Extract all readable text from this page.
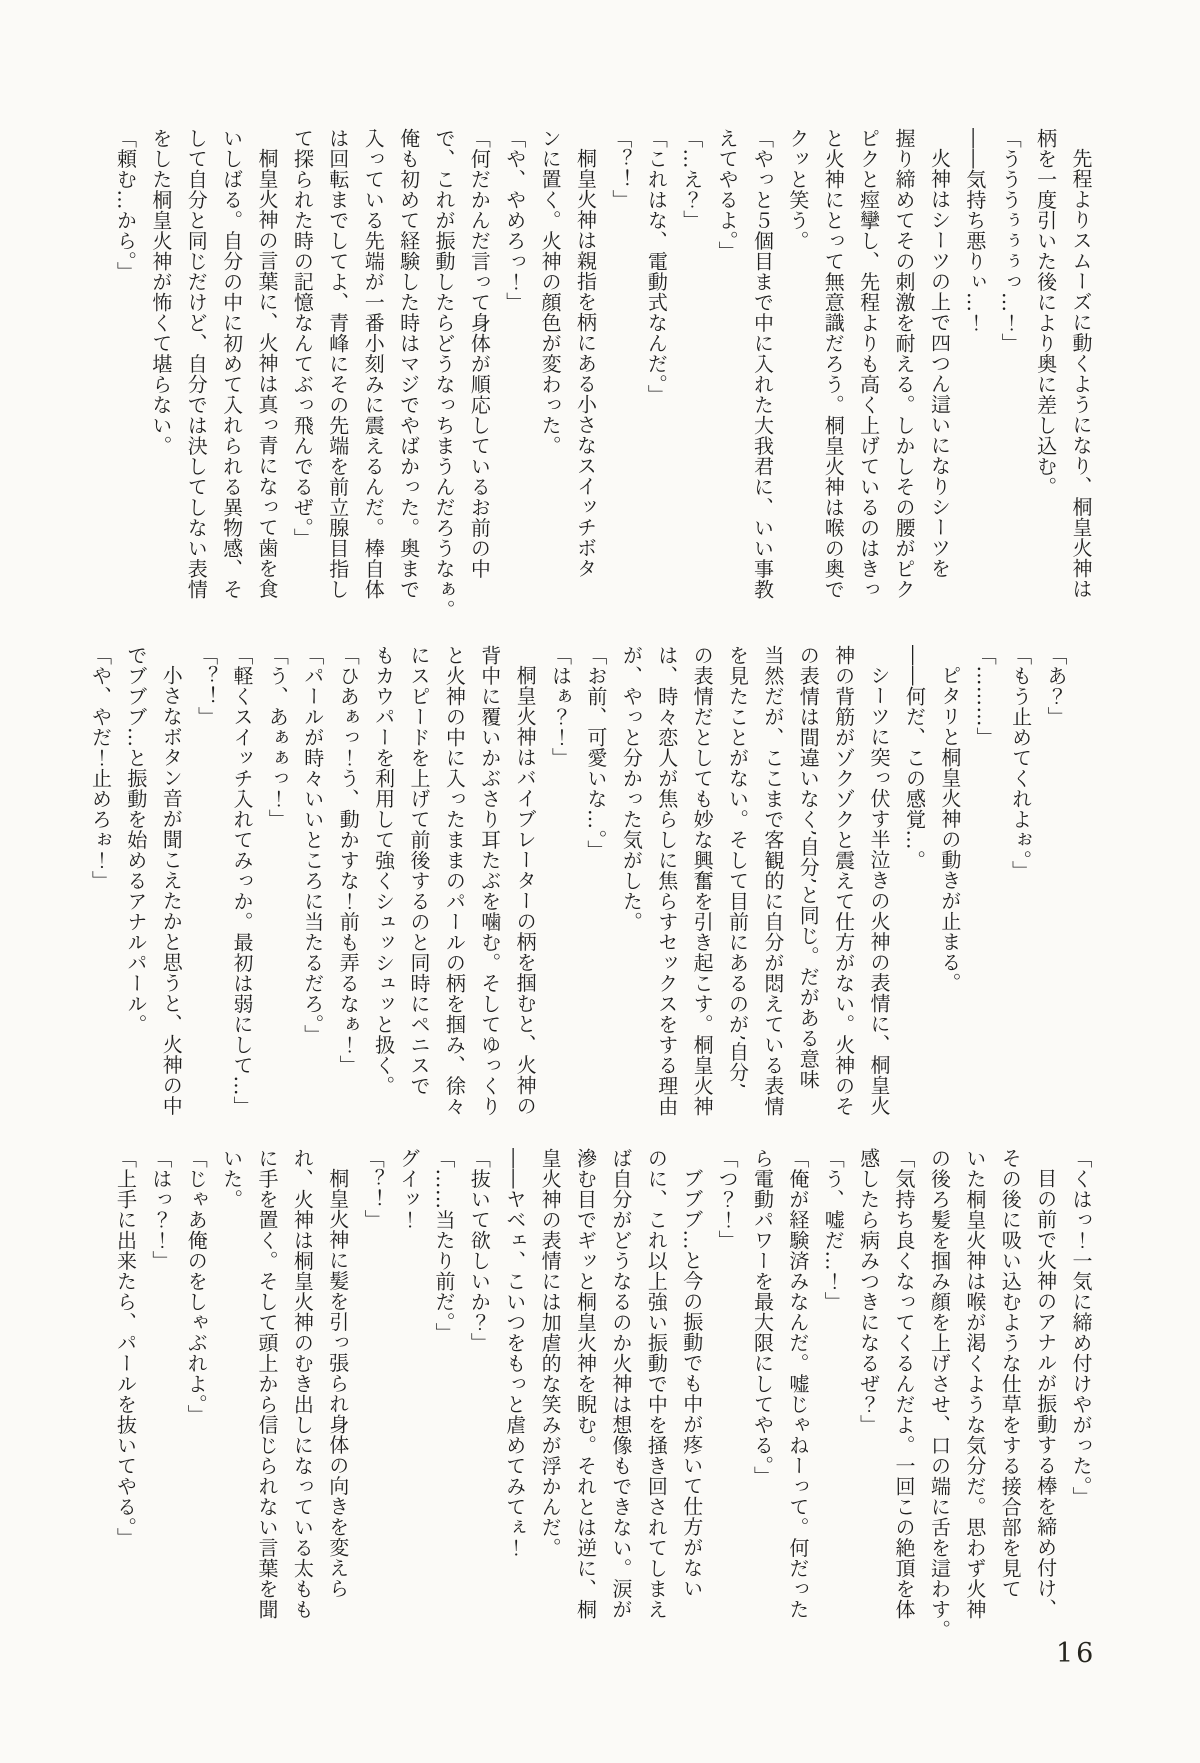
先程よりスムーズに動くようになり、桐皇火神は
柄を一度引いた後により奥に差し込む。
「うううぅぅぅっ…！」
――気持ち悪りぃ…！
火神はシーツの上で四つん這いになりシーツを
握り締めてその刺激を耐える。しかしその腰がピク
ピクと痙攣し、先程よりも高く上げているのはきっ
と火神にとって無意識だろう。桐皇火神は喉の奥で
クッと笑う。
「やっと５個目まで中に入れた大我君に、いい事教
えてやるよ。」
「…え？」
「これはな、電動式なんだ。」
「？！」
桐皇火神は親指を柄にある小さなスイッチボタ
ンに置く。火神の顔色が変わった。
「や、やめろっ！」
「何だかんだ言って身体が順応しているお前の中
で、これが振動したらどうなっちまうんだろうなぁ。
俺も初めて経験した時はマジでやばかった。奥まで
入っている先端が一番小刻みに震えるんだ。棒自体
は回転までしてよ、青峰にその先端を前立腺目指し
て探られた時の記憶なんてぶっ飛んでるぜ。」
桐皇火神の言葉に、火神は真っ青になって歯を食
いしばる。自分の中に初めて入れられる異物感、そ
して自分と同じだけど、自分では決してしない表情
をした桐皇火神が怖くて堪らない。
「頼む…から。」
「あ？」
「もう止めてくれよぉ。」
「………」
ピタリと桐皇火神の動きが止まる。
――何だ、この感覚…。
シーツに突っ伏す半泣きの火神の表情に、桐皇火
神の背筋がゾクゾクと震えて仕方がない。火神のそ
の表情は間違いなく’自分’と同じ。だがある意味
当然だが、ここまで客観的に自分が悶えている表情
を見たことがない。そして目前にあるのが’自分’
の表情だとしても妙な興奮を引き起こす。桐皇火神
は、時々恋人が焦らしに焦らすセックスをする理由
が、やっと分かった気がした。
「お前、可愛いな…。」
「はぁ？！」
桐皇火神はバイブレーターの柄を掴むと、火神の
背中に覆いかぶさり耳たぶを噛む。そしてゆっくり
と火神の中に入ったままのパールの柄を掴み、徐々
にスピードを上げて前後するのと同時にペニスで
もカウパーを利用して強くシュッシュッと扱く。
「ひあぁっ！う、動かすな！前も弄るなぁ！」
「パールが時々いいところに当たるだろ。」
「う、あぁぁっ！」
「軽くスイッチ入れてみっか。最初は弱にして…」
「？！」
小さなボタン音が聞こえたかと思うと、火神の中
でブブブ…と振動を始めるアナルパール。
「や、やだ！止めろぉ！」
「くはっ！一気に締め付けやがった。」
目の前で火神のアナルが振動する棒を締め付け、
その後に吸い込むような仕草をする接合部を見て
いた桐皇火神は喉が渇くような気分だ。思わず火神
の後ろ髪を掴み顔を上げさせ、口の端に舌を這わす。
「気持ち良くなってくるんだよ。一回この絶頂を体
感したら病みつきになるぜ？」
「う、嘘だ…！」
「俺が経験済みなんだ。嘘じゃねーって。何だった
ら電動パワーを最大限にしてやる。」
「つ？！」
ブブブ…と今の振動でも中が疼いて仕方がない
のに、これ以上強い振動で中を掻き回されてしまえ
ば自分がどうなるのか火神は想像もできない。涙が
滲む目でギッと桐皇火神を睨む。それとは逆に、桐
皇火神の表情には加虐的な笑みが浮かんだ。
――ヤベェ、こいつをもっと虐めてみてぇ！
「抜いて欲しいか？」
「……当たり前だ。」
グイッ！
「？！」
桐皇火神に髪を引っ張られ身体の向きを変えら
れ、火神は桐皇火神のむき出しになっている太もも
に手を置く。そして頭上から信じられない言葉を聞
いた。
「じゃあ俺のをしゃぶれよ。」
「はっ？！」
「上手に出来たら、パールを抜いてやる。」
16
